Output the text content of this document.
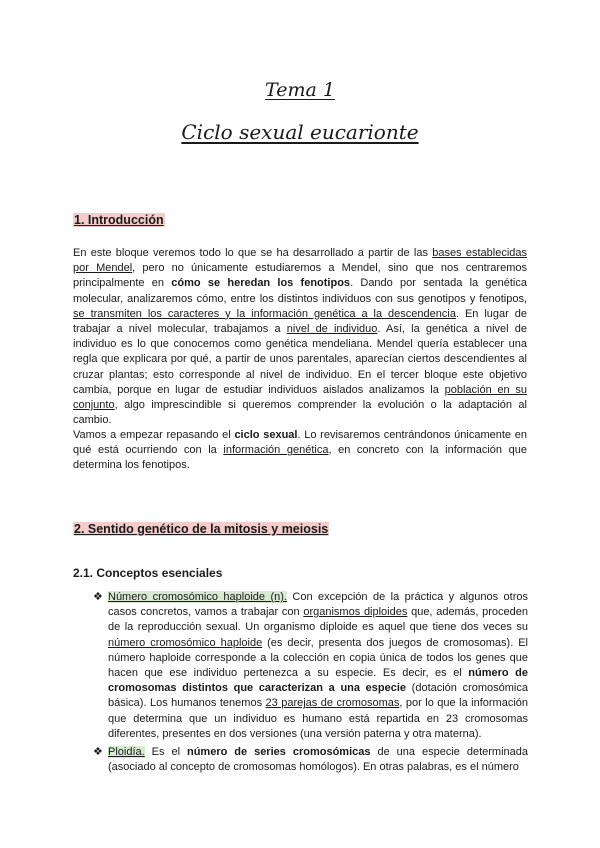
Tema 1
Ciclo sexual eucarionte
1. Introducción
En este bloque veremos todo lo que se ha desarrollado a partir de las bases establecidas por Mendel, pero no únicamente estudiaremos a Mendel, sino que nos centraremos principalmente en cómo se heredan los fenotipos. Dando por sentada la genética molecular, analizaremos cómo, entre los distintos individuos con sus genotipos y fenotipos, se transmiten los caracteres y la información genética a la descendencia. En lugar de trabajar a nivel molecular, trabajamos a nivel de individuo. Así, la genética a nivel de individuo es lo que conocemos como genética mendeliana. Mendel quería establecer una regla que explicara por qué, a partir de unos parentales, aparecían ciertos descendientes al cruzar plantas; esto corresponde al nivel de individuo. En el tercer bloque este objetivo cambia, porque en lugar de estudiar individuos aislados analizamos la población en su conjunto, algo imprescindible si queremos comprender la evolución o la adaptación al cambio.
Vamos a empezar repasando el ciclo sexual. Lo revisaremos centrándonos únicamente en qué está ocurriendo con la información genética, en concreto con la información que determina los fenotipos.
2. Sentido genético de la mitosis y meiosis
2.1. Conceptos esenciales
❖ Número cromosómico haploide (n). Con excepción de la práctica y algunos otros casos concretos, vamos a trabajar con organismos diploides que, además, proceden de la reproducción sexual. Un organismo diploide es aquel que tiene dos veces su número cromosómico haploide (es decir, presenta dos juegos de cromosomas). El número haploide corresponde a la colección en copia única de todos los genes que hacen que ese individuo pertenezca a su especie. Es decir, es el número de cromosomas distintos que caracterizan a una especie (dotación cromosómica básica). Los humanos tenemos 23 parejas de cromosomas, por lo que la información que determina que un individuo es humano está repartida en 23 cromosomas diferentes, presentes en dos versiones (una versión paterna y otra materna).
❖ Ploidía. Es el número de series cromosómicas de una especie determinada (asociado al concepto de cromosomas homólogos). En otras palabras, es el número
